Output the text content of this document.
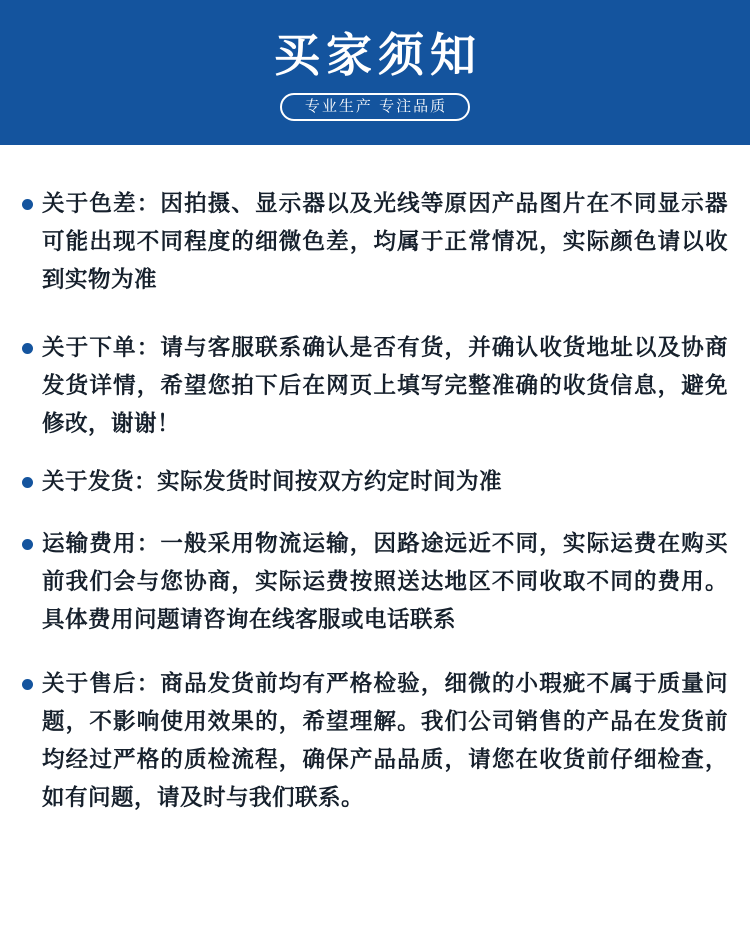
买家须知
专业生产 专注品质
关于色差：因拍摄、显示器以及光线等原因产品图片在不同显示器可能出现不同程度的细微色差，均属于正常情况，实际颜色请以收到实物为准
关于下单：请与客服联系确认是否有货，并确认收货地址以及协商发货详情，希望您拍下后在网页上填写完整准确的收货信息，避免修改，谢谢！
关于发货：实际发货时间按双方约定时间为准
运输费用：一般采用物流运输，因路途远近不同，实际运费在购买前我们会与您协商，实际运费按照送达地区不同收取不同的费用。具体费用问题请咨询在线客服或电话联系
关于售后：商品发货前均有严格检验，细微的小瑕疵不属于质量问题，不影响使用效果的，希望理解。我们公司销售的产品在发货前均经过严格的质检流程，确保产品品质，请您在收货前仔细检查，如有问题，请及时与我们联系。
